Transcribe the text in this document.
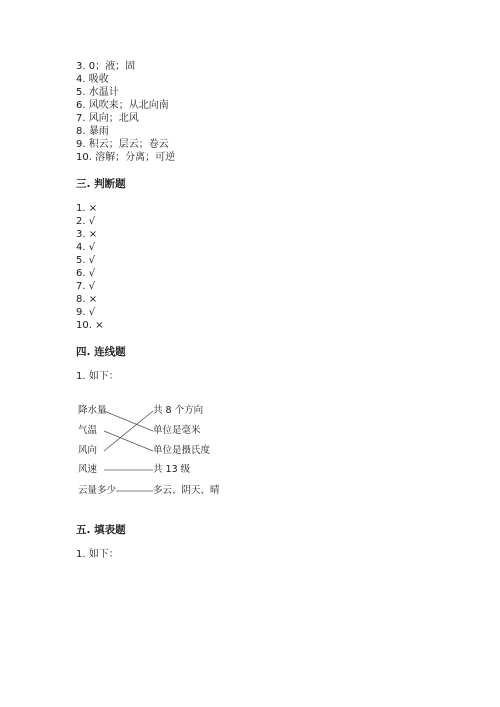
3. 0；液；固
4. 吸收
5. 水温计
6. 风吹来；从北向南
7. 风向；北风
8. 暴雨
9. 积云；层云；卷云
10. 溶解；分离；可逆
三. 判断题
1. ×
2. √
3. ×
4. √
5. √
6. √
7. √
8. ×
9. √
10. ×
四. 连线题
1. 如下：
降水量
气温
风向
风速
云量多少
共 8 个方向
单位是毫米
单位是摄氏度
共 13 级
多云、阴天、晴
五. 填表题
1. 如下：
